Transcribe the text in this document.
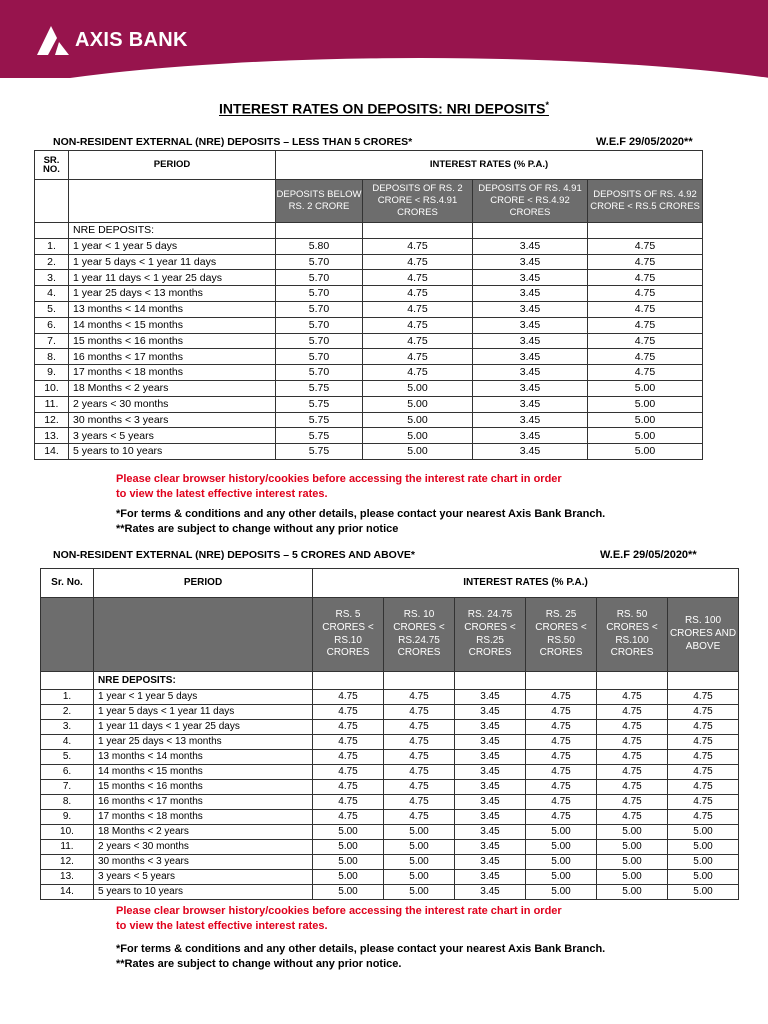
AXIS BANK
INTEREST RATES ON DEPOSITS: NRI DEPOSITS*
NON-RESIDENT EXTERNAL (NRE) DEPOSITS – LESS THAN 5 CRORES*	W.E.F 29/05/2020**
SR. NO.	PERIOD	INTEREST RATES (% P.A.)			
		DEPOSITS BELOW RS. 2 CRORE	DEPOSITS OF RS. 2 CRORE < RS.4.91 CRORES	DEPOSITS OF RS. 4.91 CRORE < RS.4.92 CRORES	DEPOSITS OF RS. 4.92 CRORE < RS.5 CRORES
	NRE DEPOSITS:				
1.	1 year < 1 year 5 days	5.80	4.75	3.45	4.75
2.	1 year 5 days < 1 year 11 days	5.70	4.75	3.45	4.75
3.	1 year 11 days < 1 year 25 days	5.70	4.75	3.45	4.75
4.	1 year 25 days < 13 months	5.70	4.75	3.45	4.75
5.	13 months < 14 months	5.70	4.75	3.45	4.75
6.	14 months < 15 months	5.70	4.75	3.45	4.75
7.	15 months < 16 months	5.70	4.75	3.45	4.75
8.	16 months < 17 months	5.70	4.75	3.45	4.75
9.	17 months < 18 months	5.70	4.75	3.45	4.75
10.	18 Months < 2 years	5.75	5.00	3.45	5.00
11.	2 years < 30 months	5.75	5.00	3.45	5.00
12.	30 months < 3 years	5.75	5.00	3.45	5.00
13.	3 years < 5 years	5.75	5.00	3.45	5.00
14.	5 years to 10 years	5.75	5.00	3.45	5.00
Please clear browser history/cookies before accessing the interest rate chart in order
to view the latest effective interest rates.
*For terms & conditions and any other details, please contact your nearest Axis Bank Branch.
**Rates are subject to change without any prior notice
NON-RESIDENT EXTERNAL (NRE) DEPOSITS – 5 CRORES AND ABOVE*	W.E.F 29/05/2020**
Sr. No.	PERIOD	INTEREST RATES (% P.A.)					
		RS. 5 CRORES < RS.10 CRORES	RS. 10 CRORES < RS.24.75 CRORES	RS. 24.75 CRORES < RS.25 CRORES	RS. 25 CRORES < RS.50 CRORES	RS. 50 CRORES < RS.100 CRORES	RS. 100 CRORES AND ABOVE
	NRE DEPOSITS:						
1.	1 year < 1 year 5 days	4.75	4.75	3.45	4.75	4.75	4.75
2.	1 year 5 days < 1 year 11 days	4.75	4.75	3.45	4.75	4.75	4.75
3.	1 year 11 days < 1 year 25 days	4.75	4.75	3.45	4.75	4.75	4.75
4.	1 year 25 days < 13 months	4.75	4.75	3.45	4.75	4.75	4.75
5.	13 months < 14 months	4.75	4.75	3.45	4.75	4.75	4.75
6.	14 months < 15 months	4.75	4.75	3.45	4.75	4.75	4.75
7.	15 months < 16 months	4.75	4.75	3.45	4.75	4.75	4.75
8.	16 months < 17 months	4.75	4.75	3.45	4.75	4.75	4.75
9.	17 months < 18 months	4.75	4.75	3.45	4.75	4.75	4.75
10.	18 Months < 2 years	5.00	5.00	3.45	5.00	5.00	5.00
11.	2 years < 30 months	5.00	5.00	3.45	5.00	5.00	5.00
12.	30 months < 3 years	5.00	5.00	3.45	5.00	5.00	5.00
13.	3 years < 5 years	5.00	5.00	3.45	5.00	5.00	5.00
14.	5 years to 10 years	5.00	5.00	3.45	5.00	5.00	5.00
Please clear browser history/cookies before accessing the interest rate chart in order
to view the latest effective interest rates.
*For terms & conditions and any other details, please contact your nearest Axis Bank Branch.
**Rates are subject to change without any prior notice.
